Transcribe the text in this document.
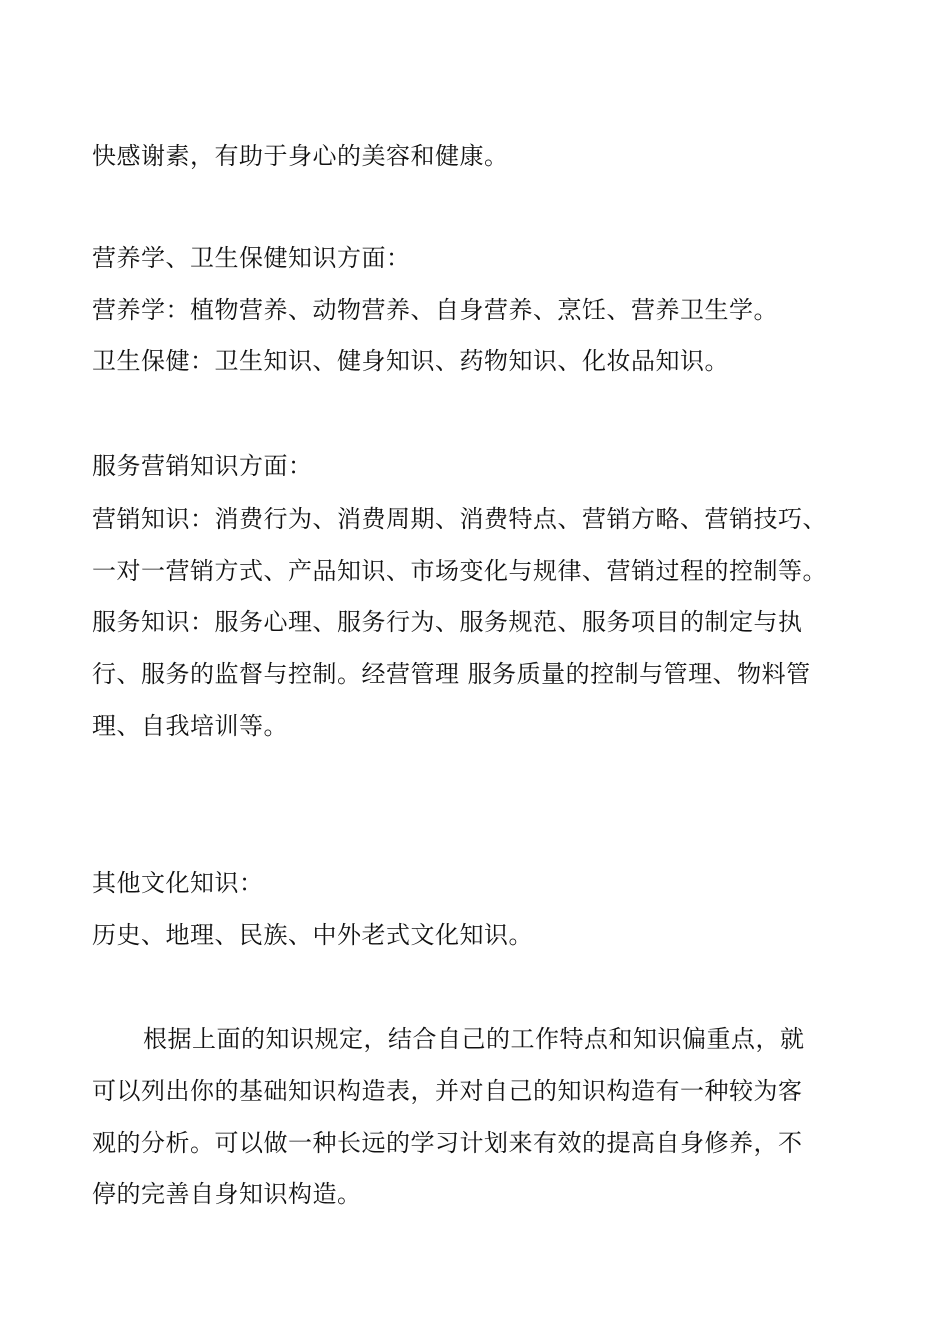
快感谢素，有助于身心的美容和健康。
营养学、卫生保健知识方面：
营养学：植物营养、动物营养、自身营养、烹饪、营养卫生学。
卫生保健：卫生知识、健身知识、药物知识、化妆品知识。
服务营销知识方面：
营销知识：消费行为、消费周期、消费特点、营销方略、营销技巧、
一对一营销方式、产品知识、市场变化与规律、营销过程的控制等。
服务知识：服务心理、服务行为、服务规范、服务项目的制定与执
行、服务的监督与控制。经营管理 服务质量的控制与管理、物料管
理、自我培训等。
其他文化知识：
历史、地理、民族、中外老式文化知识。
根据上面的知识规定，结合自己的工作特点和知识偏重点，就
可以列出你的基础知识构造表，并对自己的知识构造有一种较为客
观的分析。可以做一种长远的学习计划来有效的提高自身修养，不
停的完善自身知识构造。
